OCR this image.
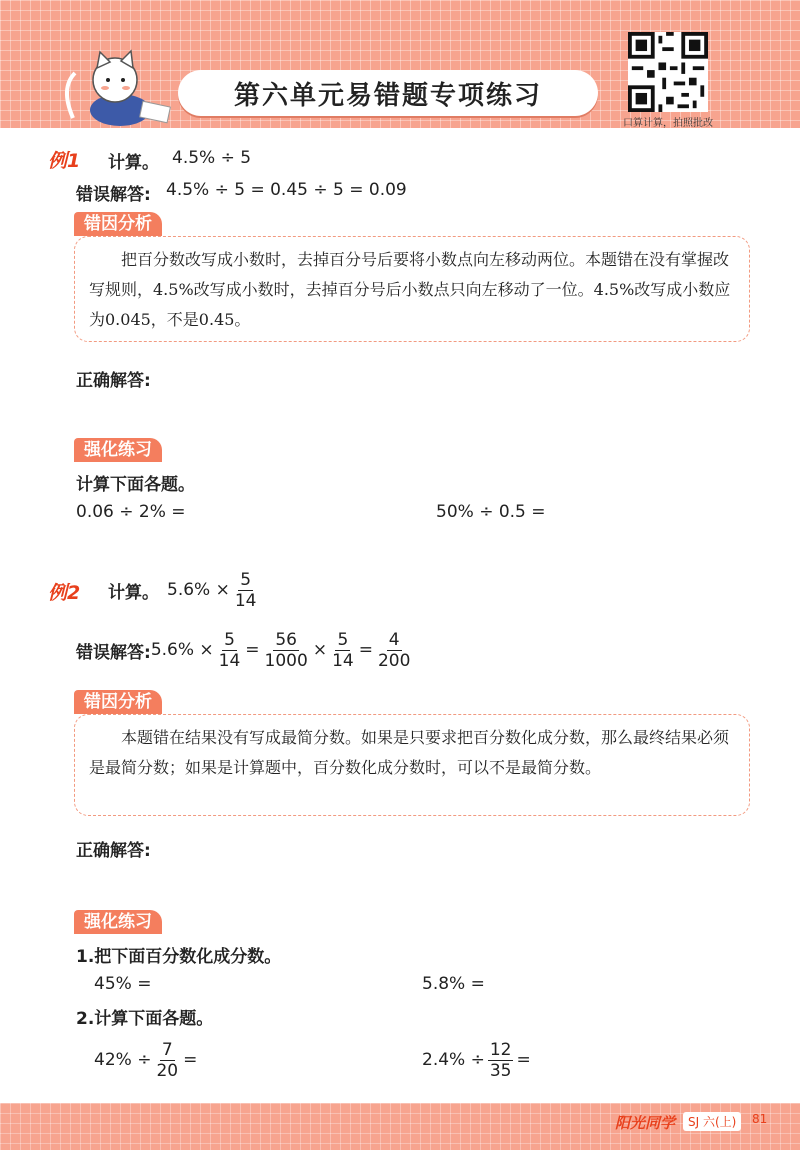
第六单元易错题专项练习
口算计算，拍照批改
例1 计算。 4.5% ÷ 5
错误解答: 4.5% ÷ 5 = 0.45 ÷ 5 = 0.09
错因分析
把百分数改写成小数时，去掉百分号后要将小数点向左移动两位。本题错在没有掌握改写规则，4.5%改写成小数时，去掉百分号后小数点只向左移动了一位。4.5%改写成小数应为0.045，不是0.45。
正确解答:
强化练习
计算下面各题。
0.06 ÷ 2% =	50% ÷ 0.5 =
例2 计算。 $5.6\% \times \frac{5}{14}$
错误解答: $5.6\% \times \frac{5}{14} = \frac{56}{1000} \times \frac{5}{14} = \frac{4}{200}$
错因分析
本题错在结果没有写成最简分数。如果是只要求把百分数化成分数，那么最终结果必须是最简分数；如果是计算题中，百分数化成分数时，可以不是最简分数。
正确解答:
强化练习
1.把下面百分数化成分数。
45% =	5.8% =
2.计算下面各题。
$42\% \div \frac{7}{20}$ =	$2.4\% \div \frac{12}{35}$ =
阳光同学	SJ 六(上)	81
